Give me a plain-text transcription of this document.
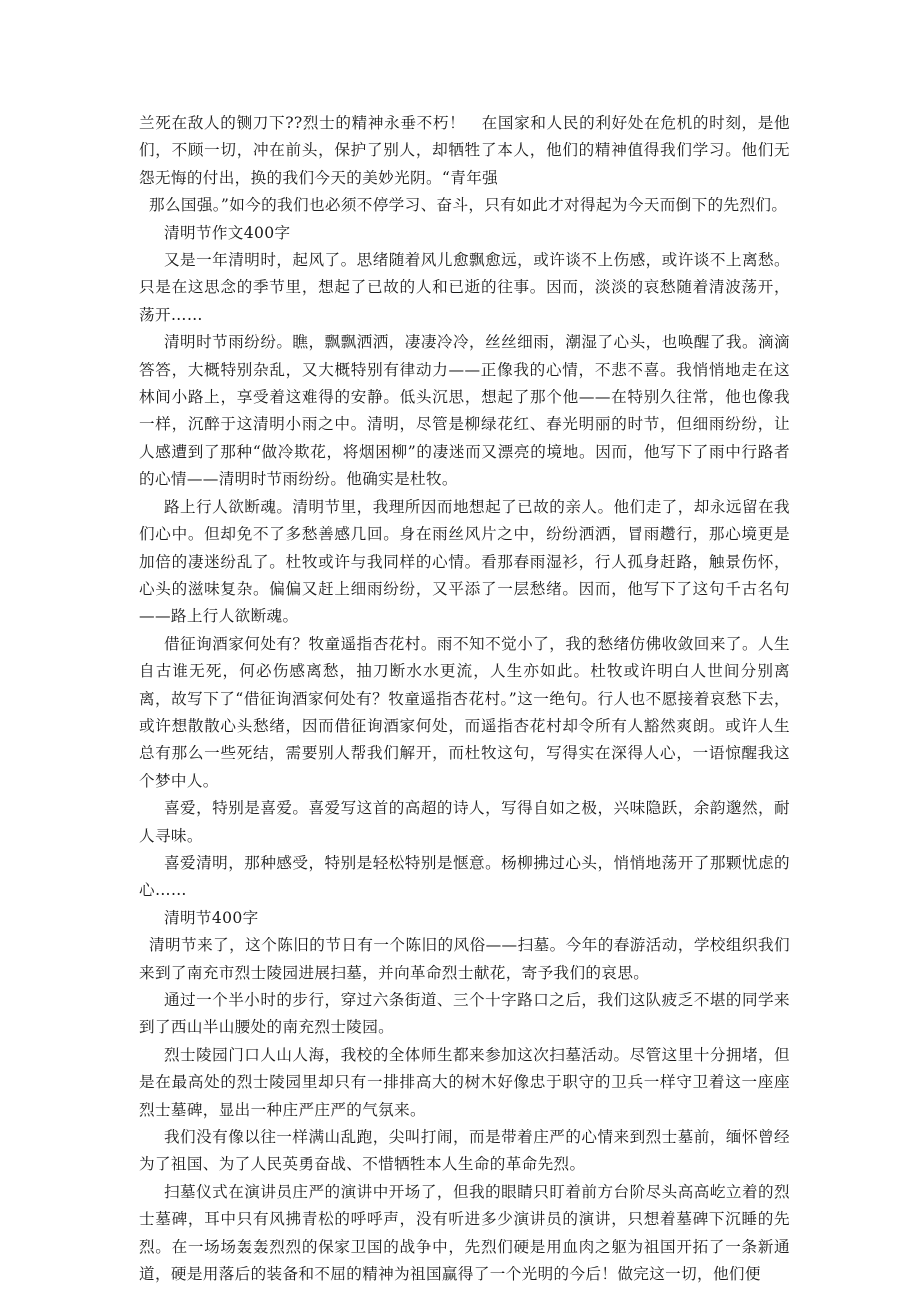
兰死在敌人的铡刀下??烈士的精神永垂不朽！　在国家和人民的利好处在危机的时刻，是他们，不顾一切，冲在前头，保护了别人，却牺牲了本人，他们的精神值得我们学习。他们无怨无悔的付出，换的我们今天的美妙光阴。“青年强

那么国强。”如今的我们也必须不停学习、奋斗，只有如此才对得起为今天而倒下的先烈们。

清明节作文400字

又是一年清明时，起风了。思绪随着风儿愈飘愈远，或许谈不上伤感，或许谈不上离愁。只是在这思念的季节里，想起了已故的人和已逝的往事。因而，淡淡的哀愁随着清波荡开，荡开……

清明时节雨纷纷。瞧，飘飘洒洒，凄凄冷冷，丝丝细雨，潮湿了心头，也唤醒了我。滴滴答答，大概特别杂乱，又大概特别有律动力——正像我的心情，不悲不喜。我悄悄地走在这林间小路上，享受着这难得的安静。低头沉思，想起了那个他——在特别久往常，他也像我一样，沉醉于这清明小雨之中。清明，尽管是柳绿花红、春光明丽的时节，但细雨纷纷，让人感遭到了那种“做冷欺花，将烟困柳”的凄迷而又漂亮的境地。因而，他写下了雨中行路者的心情——清明时节雨纷纷。他确实是杜牧。

路上行人欲断魂。清明节里，我理所因而地想起了已故的亲人。他们走了，却永远留在我们心中。但却免不了多愁善感几回。身在雨丝风片之中，纷纷洒洒，冒雨趱行，那心境更是加倍的凄迷纷乱了。杜牧或许与我同样的心情。看那春雨湿衫，行人孤身赶路，触景伤怀，心头的滋味复杂。偏偏又赶上细雨纷纷，又平添了一层愁绪。因而，他写下了这句千古名句——路上行人欲断魂。

借征询酒家何处有？牧童遥指杏花村。雨不知不觉小了，我的愁绪仿佛收敛回来了。人生自古谁无死，何必伤感离愁，抽刀断水水更流，人生亦如此。杜牧或许明白人世间分别离离，故写下了“借征询酒家何处有？牧童遥指杏花村。”这一绝句。行人也不愿接着哀愁下去，或许想散散心头愁绪，因而借征询酒家何处，而遥指杏花村却令所有人豁然爽朗。或许人生总有那么一些死结，需要别人帮我们解开，而杜牧这句，写得实在深得人心，一语惊醒我这个梦中人。

喜爱，特别是喜爱。喜爱写这首的高超的诗人，写得自如之极，兴味隐跃，余韵邈然，耐人寻味。

喜爱清明，那种感受，特别是轻松特别是惬意。杨柳拂过心头，悄悄地荡开了那颗忧虑的心……

清明节400字

清明节来了，这个陈旧的节日有一个陈旧的风俗——扫墓。今年的春游活动，学校组织我们来到了南充市烈士陵园进展扫墓，并向革命烈士献花，寄予我们的哀思。

通过一个半小时的步行，穿过六条街道、三个十字路口之后，我们这队疲乏不堪的同学来到了西山半山腰处的南充烈士陵园。

烈士陵园门口人山人海，我校的全体师生都来参加这次扫墓活动。尽管这里十分拥堵，但是在最高处的烈士陵园里却只有一排排高大的树木好像忠于职守的卫兵一样守卫着这一座座烈士墓碑，显出一种庄严庄严的气氛来。

我们没有像以往一样满山乱跑，尖叫打闹，而是带着庄严的心情来到烈士墓前，缅怀曾经为了祖国、为了人民英勇奋战、不惜牺牲本人生命的革命先烈。

扫墓仪式在演讲员庄严的演讲中开场了，但我的眼睛只盯着前方台阶尽头高高屹立着的烈士墓碑，耳中只有风拂青松的呼呼声，没有听进多少演讲员的演讲，只想着墓碑下沉睡的先烈。在一场场轰轰烈烈的保家卫国的战争中，先烈们硬是用血肉之躯为祖国开拓了一条新通道，硬是用落后的装备和不屈的精神为祖国赢得了一个光明的今后！做完这一切，他们便
